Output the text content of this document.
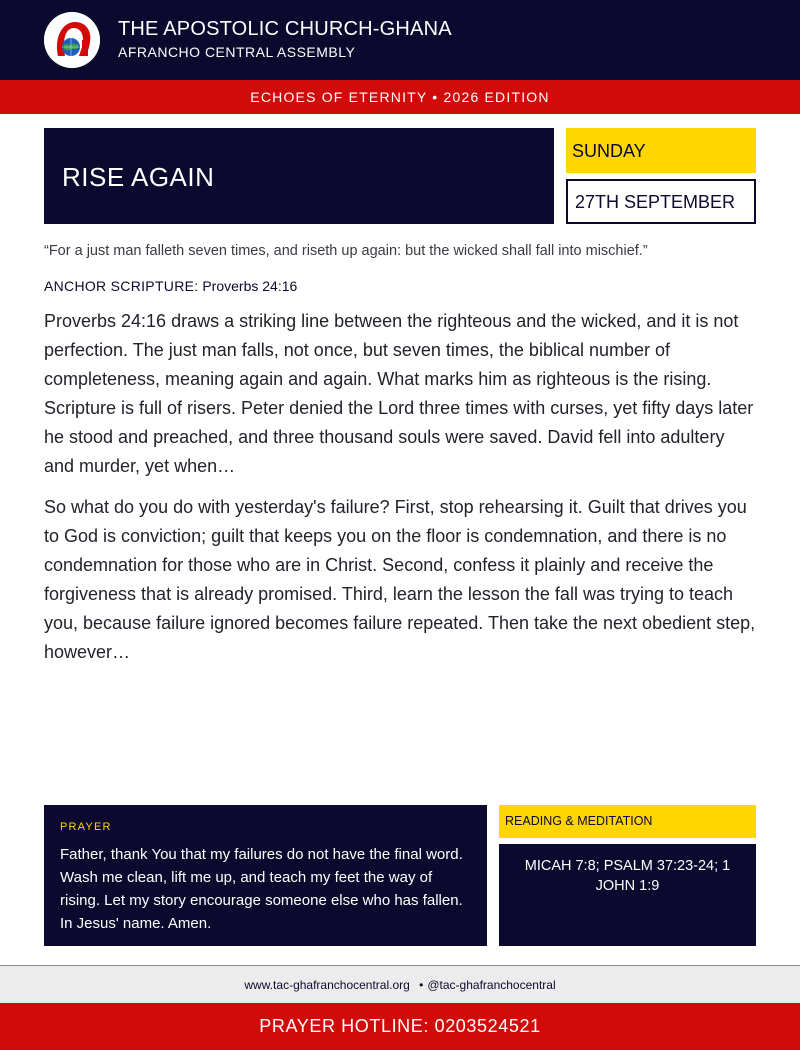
THE APOSTOLIC CHURCH-GHANA
AFRANCHO CENTRAL ASSEMBLY
ECHOES OF ETERNITY • 2026 EDITION
RISE AGAIN
SUNDAY
27TH SEPTEMBER
“For a just man falleth seven times, and riseth up again: but the wicked shall fall into mischief.”
ANCHOR SCRIPTURE: Proverbs 24:16

Proverbs 24:16 draws a striking line between the righteous and the wicked, and it is not perfection. The just man falls, not once, but seven times, the biblical number of completeness, meaning again and again. What marks him as righteous is the rising. Scripture is full of risers. Peter denied the Lord three times with curses, yet fifty days later he stood and preached, and three thousand souls were saved. David fell into adultery and murder, yet when…

So what do you do with yesterday's failure? First, stop rehearsing it. Guilt that drives you to God is conviction; guilt that keeps you on the floor is condemnation, and there is no condemnation for those who are in Christ. Second, confess it plainly and receive the forgiveness that is already promised. Third, learn the lesson the fall was trying to teach you, because failure ignored becomes failure repeated. Then take the next obedient step, however…

PRAYER
Father, thank You that my failures do not have the final word. Wash me clean, lift me up, and teach my feet the way of rising. Let my story encourage someone else who has fallen. In Jesus' name. Amen.
READING & MEDITATION
MICAH 7:8; PSALM 37:23-24; 1 JOHN 1:9
www.tac-ghafranchocentral.org • @tac-ghafranchocentral
PRAYER HOTLINE: 0203524521
